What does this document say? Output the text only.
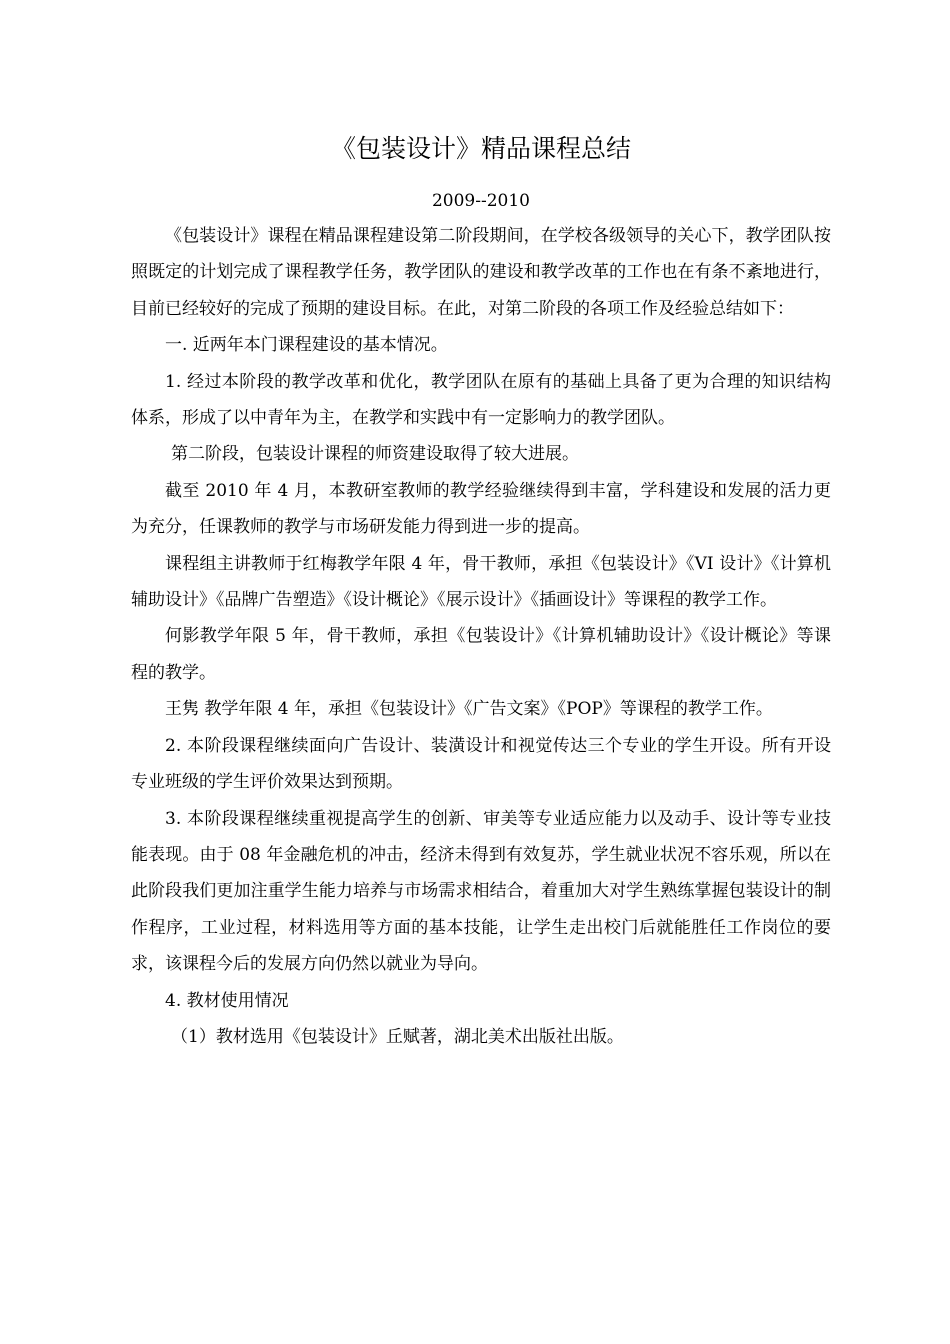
《包装设计》精品课程总结
2009--2010

《包装设计》课程在精品课程建设第二阶段期间，在学校各级领导的关心下，教学团队按照既定的计划完成了课程教学任务，教学团队的建设和教学改革的工作也在有条不紊地进行，目前已经较好的完成了预期的建设目标。在此，对第二阶段的各项工作及经验总结如下：

一. 近两年本门课程建设的基本情况。

1. 经过本阶段的教学改革和优化，教学团队在原有的基础上具备了更为合理的知识结构体系，形成了以中青年为主，在教学和实践中有一定影响力的教学团队。

第二阶段，包装设计课程的师资建设取得了较大进展。

截至 2010 年 4 月，本教研室教师的教学经验继续得到丰富，学科建设和发展的活力更为充分，任课教师的教学与市场研发能力得到进一步的提高。

课程组主讲教师于红梅教学年限 4 年，骨干教师，承担《包装设计》《VI 设计》《计算机辅助设计》《品牌广告塑造》《设计概论》《展示设计》《插画设计》等课程的教学工作。

何影教学年限 5 年，骨干教师，承担《包装设计》《计算机辅助设计》《设计概论》等课程的教学。

王隽 教学年限 4 年，承担《包装设计》《广告文案》《POP》等课程的教学工作。

2. 本阶段课程继续面向广告设计、装潢设计和视觉传达三个专业的学生开设。所有开设专业班级的学生评价效果达到预期。

3. 本阶段课程继续重视提高学生的创新、审美等专业适应能力以及动手、设计等专业技能表现。由于 08 年金融危机的冲击，经济未得到有效复苏，学生就业状况不容乐观，所以在此阶段我们更加注重学生能力培养与市场需求相结合，着重加大对学生熟练掌握包装设计的制作程序，工业过程，材料选用等方面的基本技能，让学生走出校门后就能胜任工作岗位的要求，该课程今后的发展方向仍然以就业为导向。

4. 教材使用情况

（1）教材选用《包装设计》丘赋著，湖北美术出版社出版。
